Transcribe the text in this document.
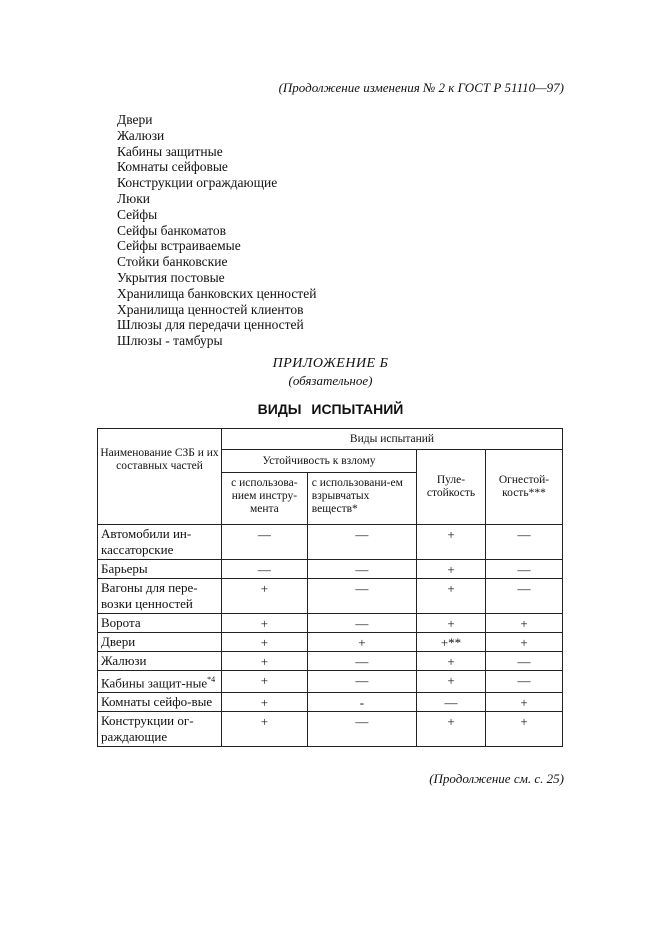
(Продолжение изменения № 2 к ГОСТ Р 51110—97)
Двери
Жалюзи
Кабины защитные
Комнаты сейфовые
Конструкции ограждающие
Люки
Сейфы
Сейфы банкоматов
Сейфы встраиваемые
Стойки банковские
Укрытия постовые
Хранилища банковских ценностей
Хранилища ценностей клиентов
Шлюзы для передачи ценностей
Шлюзы - тамбуры
ПРИЛОЖЕНИЕ Б
(обязательное)
ВИДЫ ИСПЫТАНИЙ
Наименование СЗБ и их составных частей	Виды испытаний			
	Устойчивость к взлому		Пуле-стойкость	Огнестой-кость***
	с использова-нием инстру-мента	с использовани-ем взрывчатых веществ*		
Автомобили ин-кассаторские	—	—	+	—
Барьеры	—	—	+	—
Вагоны для пере-возки ценностей	+	—	+	—
Ворота	+	—	+	+
Двери	+	+	+**	+
Жалюзи	+	—	+	—
Кабины защит-ные$^{*4}$	+	—	+	—
Комнаты сейфо-вые	+	-	—	+
Конструкции ог-раждающие	+	—	+	+
(Продолжение см. с. 25)
